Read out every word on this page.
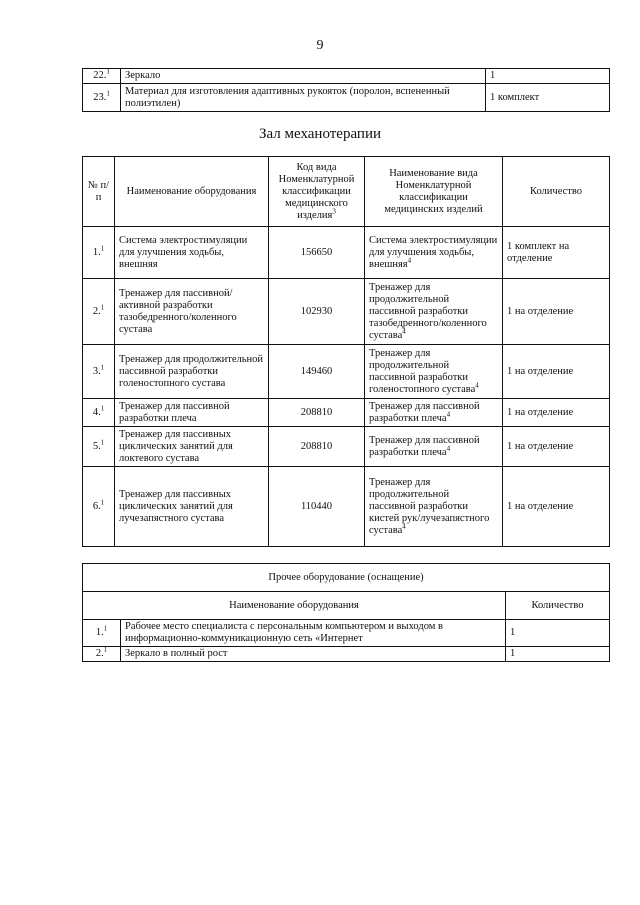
9
22.$^1$	Зеркало	1
23.$^1$	Материал для изготовления адаптивных рукояток (поролон, вспененный полиэтилен)	1 комплект
Зал механотерапии
№ п/п	Наименование оборудования	Код вида Номенклатурной классификации медицинского изделия$^3$	Наименование вида Номенклатурной классификации медицинских изделий	Количество
1.$^1$	Система электростимуляции для улучшения ходьбы, внешняя	156650	Система электростимуляции для улучшения ходьбы, внешняя$^4$	1 комплект на отделение
2.$^1$	Тренажер для пассивной/активной разработки тазобедренного/коленного сустава	102930	Тренажер для продолжительной пассивной разработки тазобедренного/коленного сустава$^4$	1 на отделение
3.$^1$	Тренажер для продолжительной пассивной разработки голеностопного сустава	149460	Тренажер для продолжительной пассивной разработки голеностопного сустава$^4$	1 на отделение
4.$^1$	Тренажер для пассивной разработки плеча	208810	Тренажер для пассивной разработки плеча$^4$	1 на отделение
5.$^1$	Тренажер для пассивных циклических занятий для локтевого сустава	208810	Тренажер для пассивной разработки плеча$^4$	1 на отделение
6.$^1$	Тренажер для пассивных циклических занятий для лучезапястного сустава	110440	Тренажер для продолжительной пассивной разработки кистей рук/лучезапястного сустава$^4$	1 на отделение
Прочее оборудование (оснащение)		
Наименование оборудования		Количество
1.$^1$	Рабочее место специалиста с персональным компьютером и выходом в информационно-коммуникационную сеть «Интернет	1
2.$^1$	Зеркало в полный рост	1
